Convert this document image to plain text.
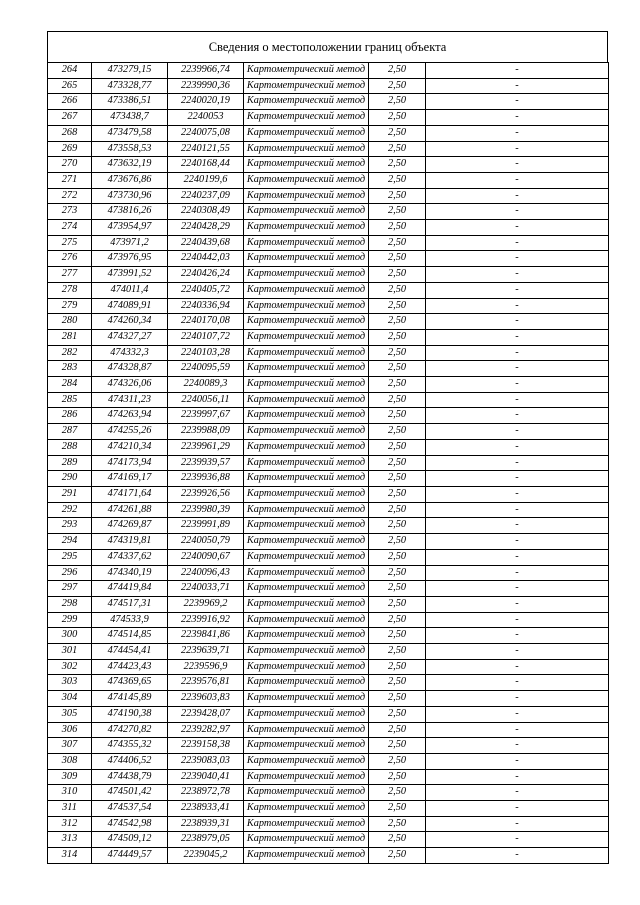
Сведения о местоположении границ объекта
264	473279,15	2239966,74	Картометрический метод	2,50	-
265	473328,77	2239990,36	Картометрический метод	2,50	-
266	473386,51	2240020,19	Картометрический метод	2,50	-
267	473438,7	2240053	Картометрический метод	2,50	-
268	473479,58	2240075,08	Картометрический метод	2,50	-
269	473558,53	2240121,55	Картометрический метод	2,50	-
270	473632,19	2240168,44	Картометрический метод	2,50	-
271	473676,86	2240199,6	Картометрический метод	2,50	-
272	473730,96	2240237,09	Картометрический метод	2,50	-
273	473816,26	2240308,49	Картометрический метод	2,50	-
274	473954,97	2240428,29	Картометрический метод	2,50	-
275	473971,2	2240439,68	Картометрический метод	2,50	-
276	473976,95	2240442,03	Картометрический метод	2,50	-
277	473991,52	2240426,24	Картометрический метод	2,50	-
278	474011,4	2240405,72	Картометрический метод	2,50	-
279	474089,91	2240336,94	Картометрический метод	2,50	-
280	474260,34	2240170,08	Картометрический метод	2,50	-
281	474327,27	2240107,72	Картометрический метод	2,50	-
282	474332,3	2240103,28	Картометрический метод	2,50	-
283	474328,87	2240095,59	Картометрический метод	2,50	-
284	474326,06	2240089,3	Картометрический метод	2,50	-
285	474311,23	2240056,11	Картометрический метод	2,50	-
286	474263,94	2239997,67	Картометрический метод	2,50	-
287	474255,26	2239988,09	Картометрический метод	2,50	-
288	474210,34	2239961,29	Картометрический метод	2,50	-
289	474173,94	2239939,57	Картометрический метод	2,50	-
290	474169,17	2239936,88	Картометрический метод	2,50	-
291	474171,64	2239926,56	Картометрический метод	2,50	-
292	474261,88	2239980,39	Картометрический метод	2,50	-
293	474269,87	2239991,89	Картометрический метод	2,50	-
294	474319,81	2240050,79	Картометрический метод	2,50	-
295	474337,62	2240090,67	Картометрический метод	2,50	-
296	474340,19	2240096,43	Картометрический метод	2,50	-
297	474419,84	2240033,71	Картометрический метод	2,50	-
298	474517,31	2239969,2	Картометрический метод	2,50	-
299	474533,9	2239916,92	Картометрический метод	2,50	-
300	474514,85	2239841,86	Картометрический метод	2,50	-
301	474454,41	2239639,71	Картометрический метод	2,50	-
302	474423,43	2239596,9	Картометрический метод	2,50	-
303	474369,65	2239576,81	Картометрический метод	2,50	-
304	474145,89	2239603,83	Картометрический метод	2,50	-
305	474190,38	2239428,07	Картометрический метод	2,50	-
306	474270,82	2239282,97	Картометрический метод	2,50	-
307	474355,32	2239158,38	Картометрический метод	2,50	-
308	474406,52	2239083,03	Картометрический метод	2,50	-
309	474438,79	2239040,41	Картометрический метод	2,50	-
310	474501,42	2238972,78	Картометрический метод	2,50	-
311	474537,54	2238933,41	Картометрический метод	2,50	-
312	474542,98	2238939,31	Картометрический метод	2,50	-
313	474509,12	2238979,05	Картометрический метод	2,50	-
314	474449,57	2239045,2	Картометрический метод	2,50	-
